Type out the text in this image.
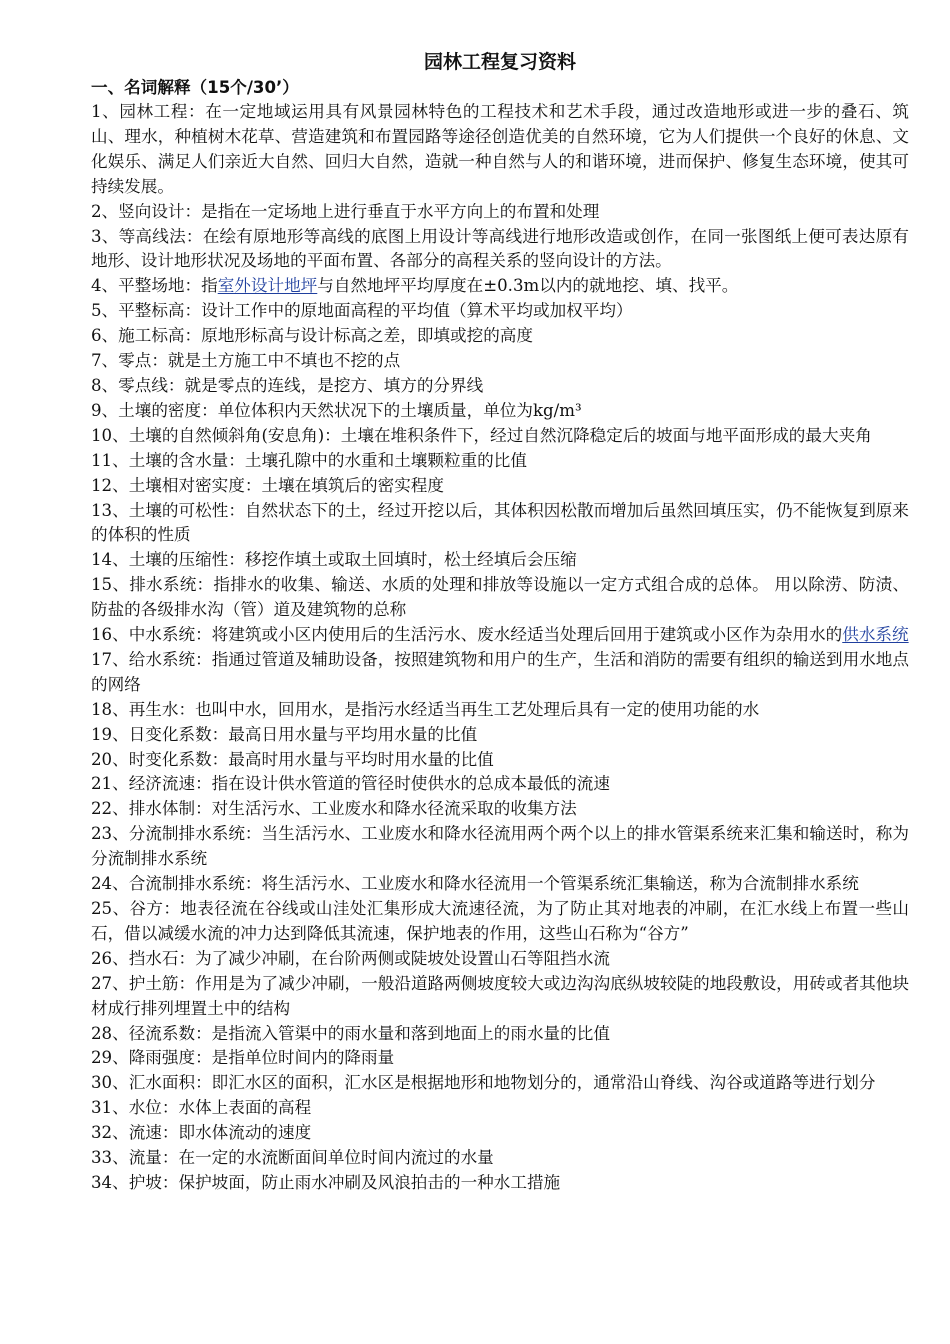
园林工程复习资料
一、名词解释（15个/30’）

1、园林工程：在一定地域运用具有风景园林特色的工程技术和艺术手段，通过改造地形或进一步的叠石、筑山、理水，种植树木花草、营造建筑和布置园路等途径创造优美的自然环境，它为人们提供一个良好的休息、文化娱乐、满足人们亲近大自然、回归大自然，造就一种自然与人的和谐环境，进而保护、修复生态环境，使其可持续发展。

2、竖向设计：是指在一定场地上进行垂直于水平方向上的布置和处理

3、等高线法：在绘有原地形等高线的底图上用设计等高线进行地形改造或创作，在同一张图纸上便可表达原有地形、设计地形状况及场地的平面布置、各部分的高程关系的竖向设计的方法。

4、平整场地：指室外设计地坪与自然地坪平均厚度在±0.3m以内的就地挖、填、找平。

5、平整标高：设计工作中的原地面高程的平均值（算术平均或加权平均）

6、施工标高：原地形标高与设计标高之差，即填或挖的高度

7、零点：就是土方施工中不填也不挖的点

8、零点线：就是零点的连线，是挖方、填方的分界线

9、土壤的密度：单位体积内天然状况下的土壤质量，单位为kg/m³

10、土壤的自然倾斜角(安息角)：土壤在堆积条件下，经过自然沉降稳定后的坡面与地平面形成的最大夹角

11、土壤的含水量：土壤孔隙中的水重和土壤颗粒重的比值

12、土壤相对密实度：土壤在填筑后的密实程度

13、土壤的可松性：自然状态下的土，经过开挖以后，其体积因松散而增加后虽然回填压实，仍不能恢复到原来的体积的性质

14、土壤的压缩性：移挖作填土或取土回填时，松土经填后会压缩

15、排水系统：指排水的收集、输送、水质的处理和排放等设施以一定方式组合成的总体。 用以除涝、防渍、防盐的各级排水沟（管）道及建筑物的总称

16、中水系统：将建筑或小区内使用后的生活污水、废水经适当处理后回用于建筑或小区作为杂用水的供水系统

17、给水系统：指通过管道及辅助设备，按照建筑物和用户的生产，生活和消防的需要有组织的输送到用水地点的网络

18、再生水：也叫中水，回用水，是指污水经适当再生工艺处理后具有一定的使用功能的水

19、日变化系数：最高日用水量与平均用水量的比值

20、时变化系数：最高时用水量与平均时用水量的比值

21、经济流速：指在设计供水管道的管径时使供水的总成本最低的流速

22、排水体制：对生活污水、工业废水和降水径流采取的收集方法

23、分流制排水系统：当生活污水、工业废水和降水径流用两个两个以上的排水管渠系统来汇集和输送时，称为分流制排水系统

24、合流制排水系统：将生活污水、工业废水和降水径流用一个管渠系统汇集输送，称为合流制排水系统

25、谷方：地表径流在谷线或山洼处汇集形成大流速径流，为了防止其对地表的冲刷，在汇水线上布置一些山石，借以减缓水流的冲力达到降低其流速，保护地表的作用，这些山石称为“谷方”

26、挡水石：为了减少冲刷，在台阶两侧或陡坡处设置山石等阻挡水流

27、护土筋：作用是为了减少冲刷，一般沿道路两侧坡度较大或边沟沟底纵坡较陡的地段敷设，用砖或者其他块材成行排列埋置土中的结构

28、径流系数：是指流入管渠中的雨水量和落到地面上的雨水量的比值

29、降雨强度：是指单位时间内的降雨量

30、汇水面积：即汇水区的面积，汇水区是根据地形和地物划分的，通常沿山脊线、沟谷或道路等进行划分

31、水位：水体上表面的高程

32、流速：即水体流动的速度

33、流量：在一定的水流断面间单位时间内流过的水量

34、护坡：保护坡面，防止雨水冲刷及风浪拍击的一种水工措施
